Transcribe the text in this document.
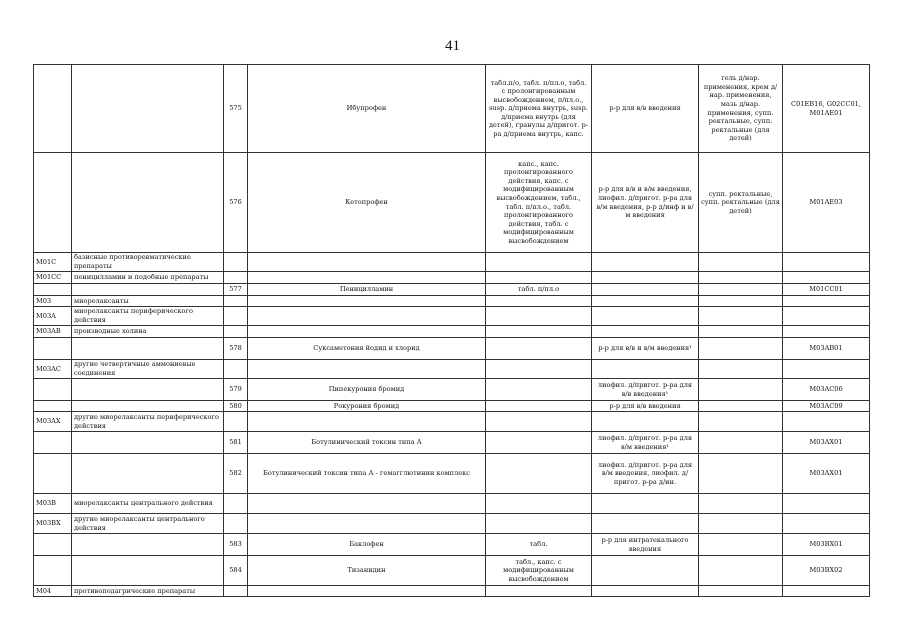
41
		575	Ибупрофен	табл.п/о, табл. п/пл.о, табл. с пролонгированным высвобождением, п/пл.о., susp. д/приема внутрь, susp. д/приема внутрь (для детей), гранулы д/пригот. р-ра д/приема внутрь, капс.	р-р для в/в введения	гель д/нар. применения, крем д/нар. применения, мазь д/нар. применения, супп. ректальные, супп. ректальные (для детей)	C01EB16, G02CC01, M01AE01
		576	Кетопрофен	капс., капс. пролонгированного действия, капс. с модифицированным высвобождением, табл., табл. п/пл.о., табл. пролонгированного действия, табл. с модифицированным высвобождением	р-р для в/в и в/м введения, лиофил. д/пригот. р-ра для в/м введения, р-р д/инф и в/м введения	супп. ректальные, супп. ректальные (для детей)	M01AE03
M01C	базисные противоревматические препараты						
M01CC	пеницилламин и подобные препараты						
		577	Пеницилламин	табл. п/пл.о			M01CC01
M03	миорелаксанты						
M03A	миорелаксанты периферического действия						
M03AB	производные холина						
		578	Суксаметония йодид и хлорид		р-р для в/в и в/м введения¹		M03AB01
M03AC	другие четвертичные аммониевые соединения						
		579	Пипекурония бромид		лиофил. д/пригот. р-ра для в/в введения¹		M03AC06
		580	Рокурония бромид		р-р для в/в введения		M03AC09
M03AX	другие миорелаксанты периферического действия						
		581	Ботулинический токсин типа А		лиофил. д/пригот. р-ра для в/м введения¹		M03AX01
		582	Ботулинический токсин типа А - гемагглютинин комплекс		лиофил. д/пригот. р-ра для в/м введения, лиофил. д/пригот. р-ра д/ин.		M03AX01
M03B	миорелаксанты центрального действия						
M03BX	другие миорелаксанты центрального действия						
		583	Баклофен	табл.	р-р для интратекального введения		M03BX01
		584	Тизанидин	табл., капс. с модифицированным высвобождением			M03BX02
M04	противоподагрические препараты						
